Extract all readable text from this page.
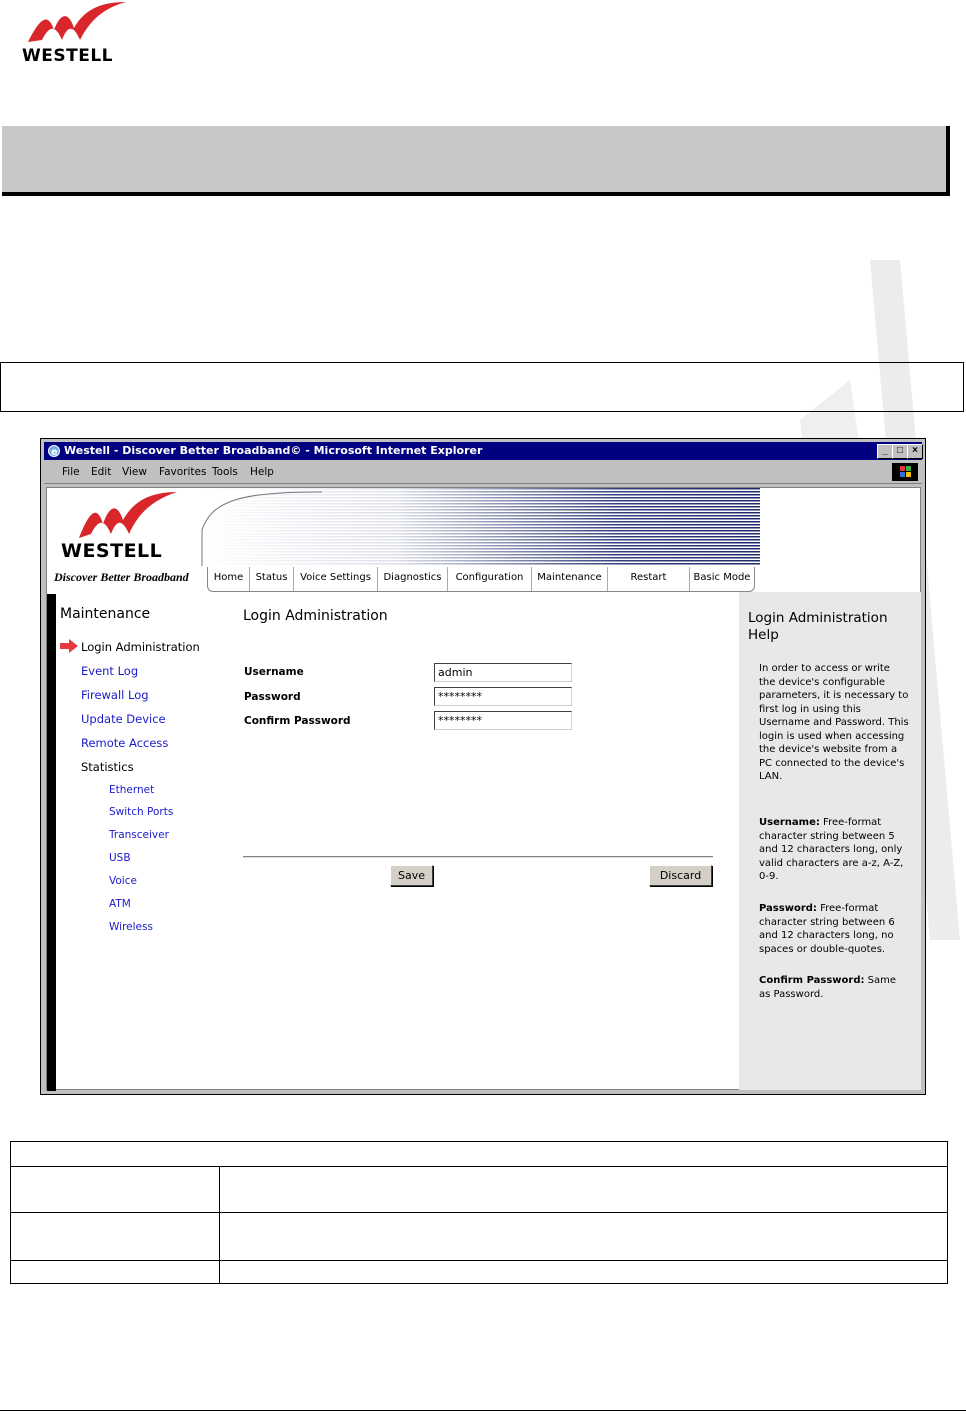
WESTELL
e Westell - Discover Better Broadband© - Microsoft Internet Explorer	_ □ ×
File Edit View Favorites Tools Help
WESTELL
Discover Better Broadband	Home	Status	Voice Settings	Diagnostics	Configuration	Maintenance	Restart	Basic Mode
Maintenance
Login Administration
Event Log
Firewall Log
Update Device
Remote Access
Statistics
Ethernet
Switch Ports
Transceiver
USB
Voice
ATM
Wireless
Login Administration
Username
admin
Password
********
Confirm Password
********
Save	Discard
Login Administration Help
In order to access or write the device's configurable parameters, it is necessary to first log in using this Username and Password. This login is used when accessing the device's website from a PC connected to the device's LAN.
Username: Free-format character string between 5 and 12 characters long, only valid characters are a-z, A-Z, 0-9.
Password: Free-format character string between 6 and 12 characters long, no spaces or double-quotes.
Confirm Password: Same as Password.
